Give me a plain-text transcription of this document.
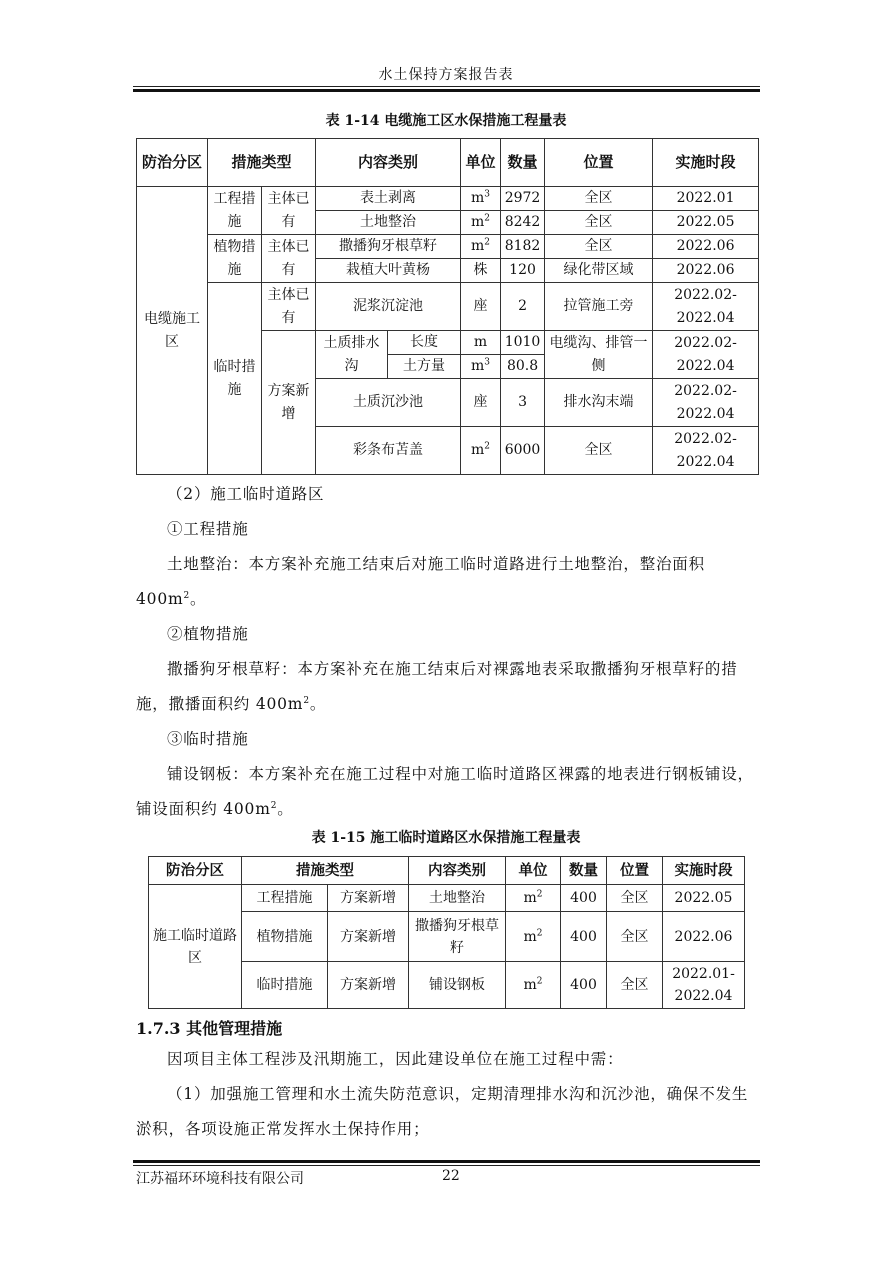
水土保持方案报告表
表 1-14 电缆施工区水保措施工程量表
防治分区	措施类型		内容类别		单位	数量	位置	实施时段
电缆施工区	工程措施	主体已有	表土剥离		$m^3$	2972	全区	2022.01
			土地整治		$m^2$	8242	全区	2022.05
	植物措施	主体已有	撒播狗牙根草籽		$m^2$	8182	全区	2022.06
			栽植大叶黄杨		株	120	绿化带区域	2022.06
	临时措施	主体已有	泥浆沉淀池		座	2	拉管施工旁	2022.02-2022.04
		方案新增	土质排水沟	长度	m	1010	电缆沟、排管一侧	2022.02-2022.04
				土方量	$m^3$	80.8		
			土质沉沙池		座	3	排水沟末端	2022.02-2022.04
			彩条布苫盖		$m^2$	6000	全区	2022.02-2022.04
（2）施工临时道路区
①工程措施
土地整治：本方案补充施工结束后对施工临时道路进行土地整治，整治面积$400m^2$。
②植物措施
撒播狗牙根草籽：本方案补充在施工结束后对裸露地表采取撒播狗牙根草籽的措施，撒播面积约 $400m^2$。
③临时措施
铺设钢板：本方案补充在施工过程中对施工临时道路区裸露的地表进行钢板铺设，铺设面积约 $400m^2$。
表 1-15 施工临时道路区水保措施工程量表
防治分区	措施类型		内容类别	单位	数量	位置	实施时段
施工临时道路区	工程措施	方案新增	土地整治	$m^2$	400	全区	2022.05
	植物措施	方案新增	撒播狗牙根草籽	$m^2$	400	全区	2022.06
	临时措施	方案新增	铺设钢板	$m^2$	400	全区	2022.01-2022.04
1.7.3 其他管理措施
因项目主体工程涉及汛期施工，因此建设单位在施工过程中需：
（1）加强施工管理和水土流失防范意识，定期清理排水沟和沉沙池，确保不发生淤积，各项设施正常发挥水土保持作用；
江苏福环环境科技有限公司	22
